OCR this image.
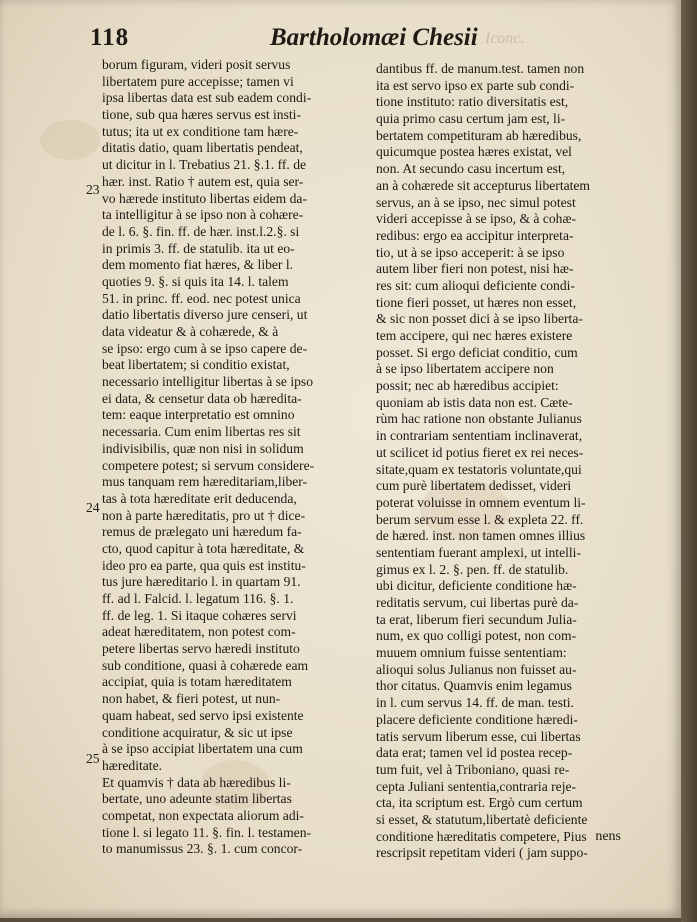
118	Bartholomæi Chesii Iconc.
borum figuram, videri posit servus
libertatem pure accepisse; tamen vi
ipsa libertas data est sub eadem condi-
tione, sub qua hæres servus est insti-
tutus; ita ut ex conditione tam hære-
ditatis datio, quam libertatis pendeat,
ut dicitur in l. Trebatius 21. §.1. ff. de
hær. inst. Ratio † autem est, quia ser-
vo hærede instituto libertas eidem da-
ta intelligitur à se ipso non à cohære-
de l. 6. §. fin. ff. de hær. inst.l.2.§. si
in primis 3. ff. de statulib. ita ut eo-
dem momento fiat hæres, & liber l.
quoties 9. §. si quis ita 14. l. talem
51. in princ. ff. eod. nec potest unica
datio libertatis diverso jure censeri, ut
data videatur & à cohærede, & à
se ipso: ergo cum à se ipso capere de-
beat libertatem; si conditio existat,
necessario intelligitur libertas à se ipso
ei data, & censetur data ob hæredita-
tem: eaque interpretatio est omnino
necessaria. Cum enim libertas res sit
indivisibilis, quæ non nisi in solidum
competere potest; si servum considere-
mus tanquam rem hæreditariam,liber-
tas à tota hæreditate erit deducenda,
non à parte hæreditatis, pro ut † dice-
remus de prælegato uni hæredum fa-
cto, quod capitur à tota hæreditate, &
ideo pro ea parte, qua quis est institu-
tus jure hæreditario l. in quartam 91.
ff. ad l. Falcid. l. legatum 116. §. 1.
ff. de leg. 1. Si itaque cohæres servi
adeat hæreditatem, non potest com-
petere libertas servo hæredi instituto
sub conditione, quasi à cohærede eam
accipiat, quia is totam hæreditatem
non habet, & fieri potest, ut nun-
quam habeat, sed servo ipsi existente
conditione acquiratur, & sic ut ipse
à se ipso accipiat libertatem una cum
hæreditate.
Et quamvis † data ab hæredibus li-
bertate, uno adeunte statim libertas
competat, non expectata aliorum adi-
tione l. si legato 11. §. fin. l. testamen-
to manumissus 23. §. 1. cum concor-
dantibus ff. de manum.test. tamen non
ita est servo ipso ex parte sub condi-
tione instituto: ratio diversitatis est,
quia primo casu certum jam est, li-
bertatem competituram ab hæredibus,
quicumque postea hæres existat, vel
non. At secundo casu incertum est,
an à cohærede sit accepturus libertatem
servus, an à se ipso, nec simul potest
videri accepisse à se ipso, & à cohæ-
redibus: ergo ea accipitur interpreta-
tio, ut à se ipso acceperit: à se ipso
autem liber fieri non potest, nisi hæ-
res sit: cum alioqui deficiente condi-
tione fieri posset, ut hæres non esset,
& sic non posset dici à se ipso liberta-
tem accipere, qui nec hæres existere
posset. Si ergo deficiat conditio, cum
à se ipso libertatem accipere non
possit; nec ab hæredibus accipiet:
quoniam ab istis data non est. Cæte-
rùm hac ratione non obstante Julianus
in contrariam sententiam inclinaverat,
ut scilicet id potius fieret ex rei neces-
sitate,quam ex testatoris voluntate,qui
cum purè libertatem dedisset, videri
poterat voluisse in omnem eventum li-
berum servum esse l. & expleta 22. ff.
de hæred. inst. non tamen omnes illius
sententiam fuerant amplexi, ut intelli-
gimus ex l. 2. §. pen. ff. de statulib.
ubi dicitur, deficiente conditione hæ-
reditatis servum, cui libertas purè da-
ta erat, liberum fieri secundum Julia-
num, ex quo colligi potest, non com-
muuem omnium fuisse sententiam:
alioqui solus Julianus non fuisset au-
thor citatus. Quamvis enim legamus
in l. cum servus 14. ff. de man. testi.
placere deficiente conditione hæredi-
tatis servum liberum esse, cui libertas
data erat; tamen vel id postea recep-
tum fuit, vel à Triboniano, quasi re-
cepta Juliani sententia,contraria reje-
cta, ita scriptum est. Ergò cum certum
si esset, & statutum,libertatè deficiente
conditione hæreditatis competere, Pius
rescripsit repetitam videri ( jam suppo-
23
24
25
nens
